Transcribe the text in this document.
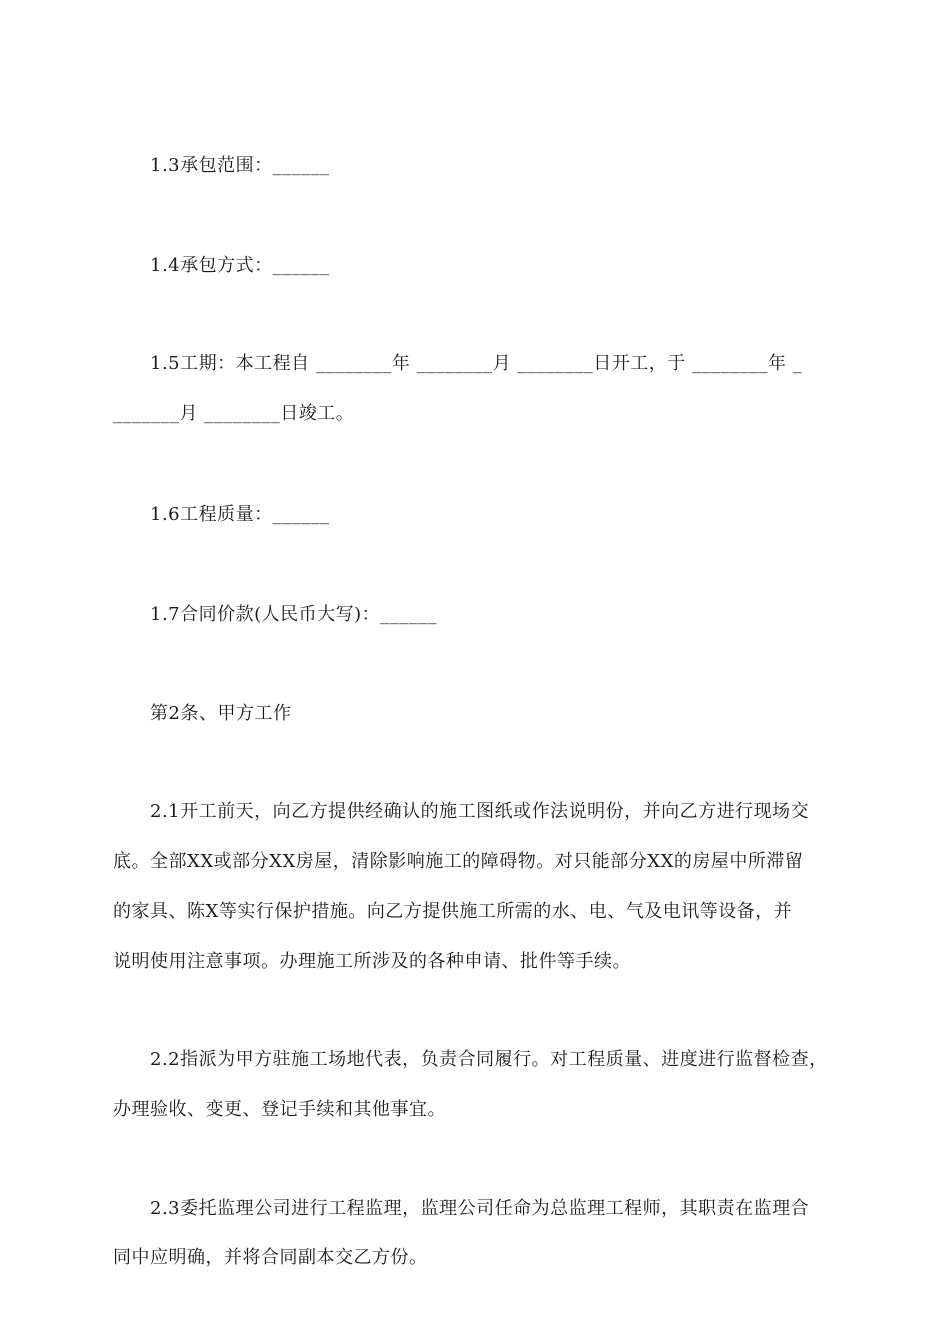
1.3承包范围：______
1.4承包方式：______
1.5工期：本工程自 ________年 ________月 ________日开工，于 ________年 _
_______月 ________日竣工。
1.6工程质量：______
1.7合同价款(人民币大写)：______
第2条、甲方工作
2.1开工前天，向乙方提供经确认的施工图纸或作法说明份，并向乙方进行现场交
底。全部XX或部分XX房屋，清除影响施工的障碍物。对只能部分XX的房屋中所滞留
的家具、陈X等实行保护措施。向乙方提供施工所需的水、电、气及电讯等设备，并
说明使用注意事项。办理施工所涉及的各种申请、批件等手续。
2.2指派为甲方驻施工场地代表，负责合同履行。对工程质量、进度进行监督检查，
办理验收、变更、登记手续和其他事宜。
2.3委托监理公司进行工程监理，监理公司任命为总监理工程师，其职责在监理合
同中应明确，并将合同副本交乙方份。
